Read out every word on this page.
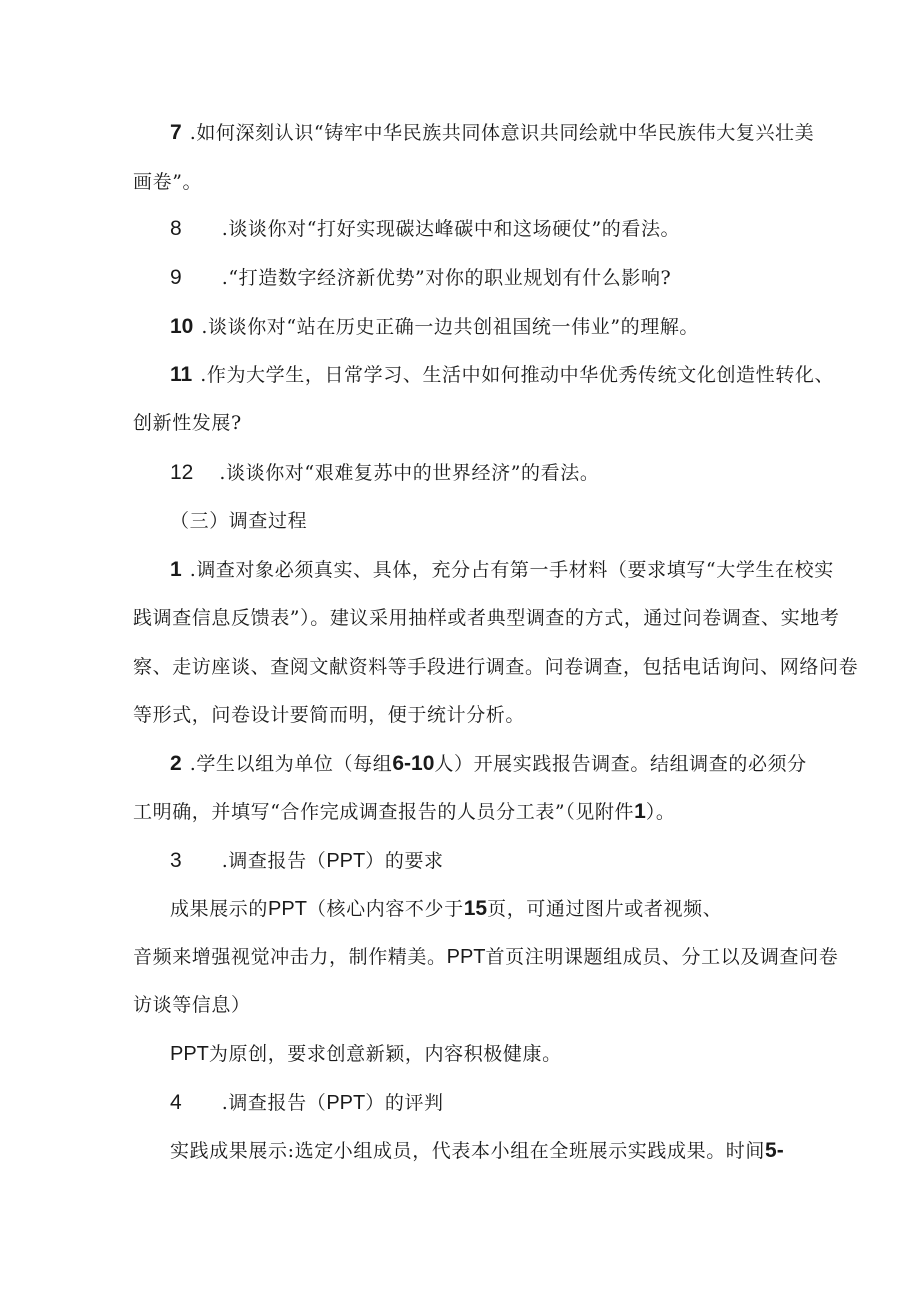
7 .如何深刻认识“铸牢中华民族共同体意识共同绘就中华民族伟大复兴壮美
画卷”。
8 .谈谈你对“打好实现碳达峰碳中和这场硬仗”的看法。
9 .“打造数字经济新优势”对你的职业规划有什么影响?
10 .谈谈你对“站在历史正确一边共创祖国统一伟业”的理解。
11 .作为大学生，日常学习、生活中如何推动中华优秀传统文化创造性转化、
创新性发展?
12 .谈谈你对“艰难复苏中的世界经济”的看法。
（三）调查过程
1 .调查对象必须真实、具体，充分占有第一手材料（要求填写“大学生在校实
践调查信息反馈表”）。建议采用抽样或者典型调查的方式，通过问卷调查、实地考
察、走访座谈、查阅文献资料等手段进行调查。问卷调查，包括电话询问、网络问卷
等形式，问卷设计要简而明，便于统计分析。
2 .学生以组为单位（每组6-10人）开展实践报告调查。结组调查的必须分
工明确，并填写“合作完成调查报告的人员分工表”（见附件1）。
3 .调查报告（PPT）的要求
成果展示的PPT（核心内容不少于15页，可通过图片或者视频、
音频来增强视觉冲击力，制作精美。PPT首页注明课题组成员、分工以及调查问卷
访谈等信息）
PPT为原创，要求创意新颖，内容积极健康。
4 .调查报告（PPT）的评判
实践成果展示:选定小组成员，代表本小组在全班展示实践成果。时间5-
